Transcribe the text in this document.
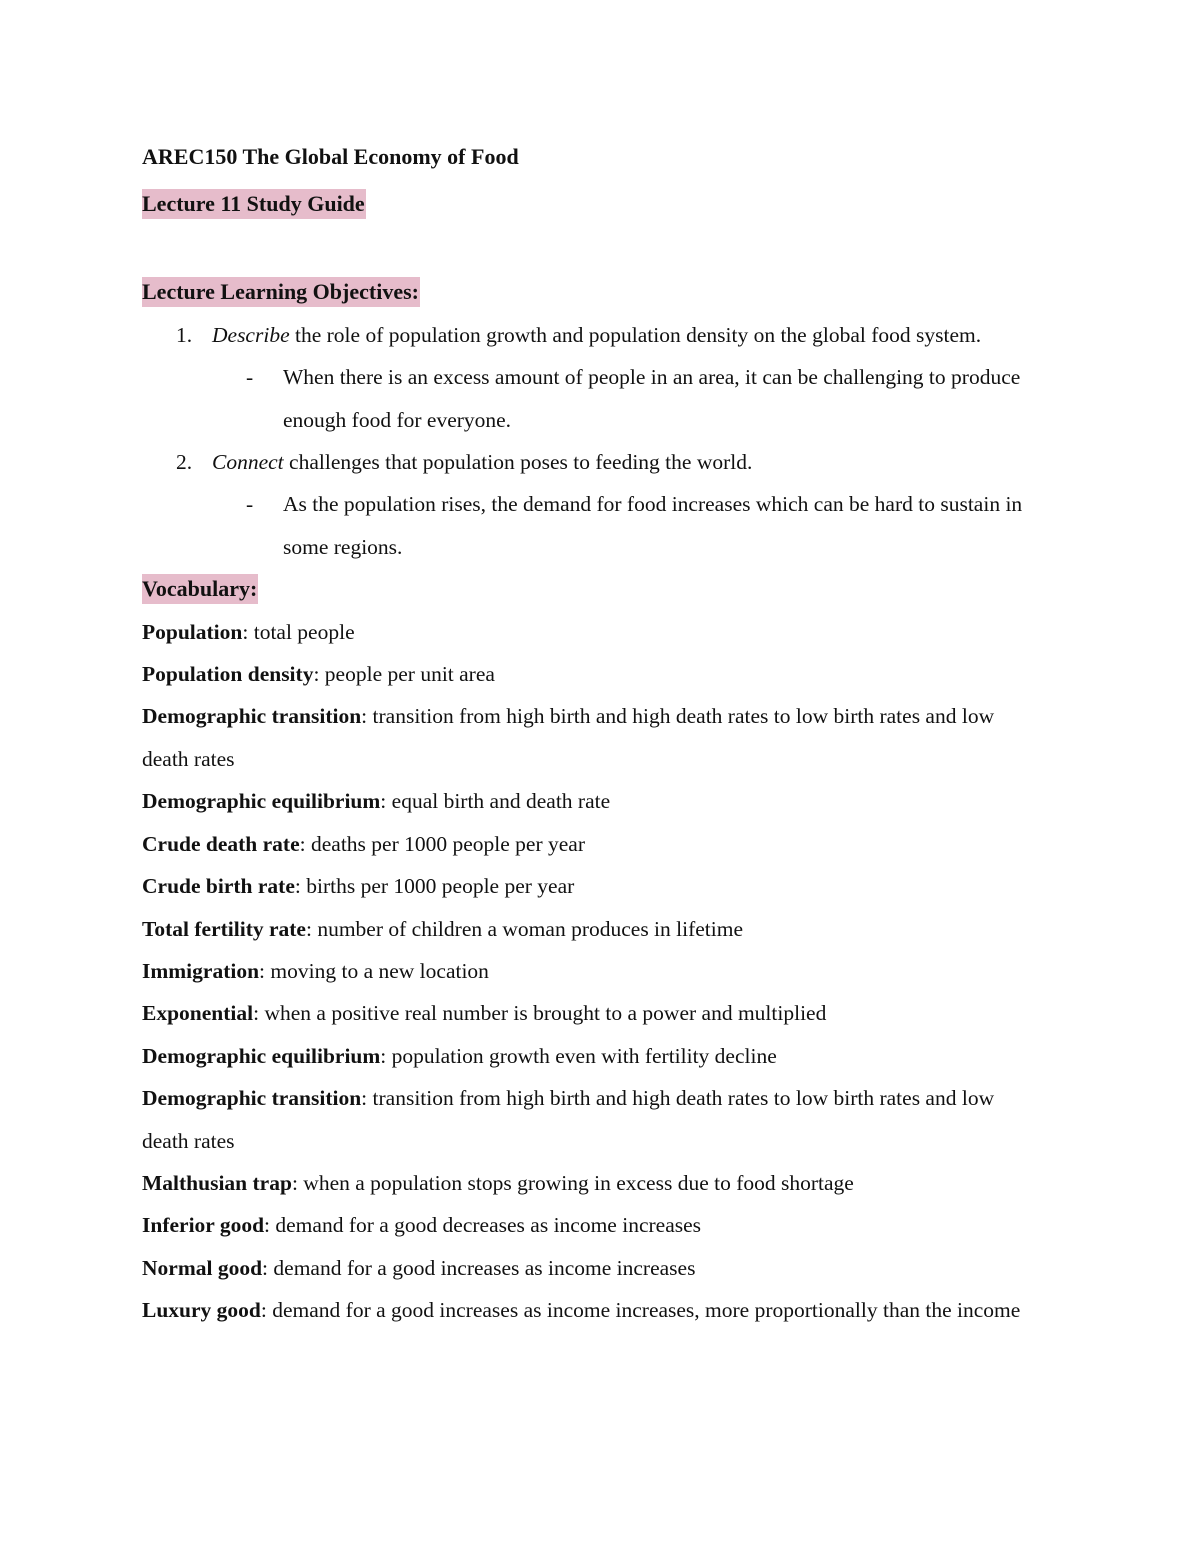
AREC150 The Global Economy of Food
Lecture 11 Study Guide
Lecture Learning Objectives:
1. Describe the role of population growth and population density on the global food system.
- When there is an excess amount of people in an area, it can be challenging to produce enough food for everyone.
2. Connect challenges that population poses to feeding the world.
- As the population rises, the demand for food increases which can be hard to sustain in some regions.
Vocabulary:
Population: total people
Population density: people per unit area
Demographic transition: transition from high birth and high death rates to low birth rates and low death rates
Demographic equilibrium: equal birth and death rate
Crude death rate: deaths per 1000 people per year
Crude birth rate: births per 1000 people per year
Total fertility rate: number of children a woman produces in lifetime
Immigration: moving to a new location
Exponential: when a positive real number is brought to a power and multiplied
Demographic equilibrium: population growth even with fertility decline
Demographic transition: transition from high birth and high death rates to low birth rates and low death rates
Malthusian trap: when a population stops growing in excess due to food shortage
Inferior good: demand for a good decreases as income increases
Normal good: demand for a good increases as income increases
Luxury good: demand for a good increases as income increases, more proportionally than the income
